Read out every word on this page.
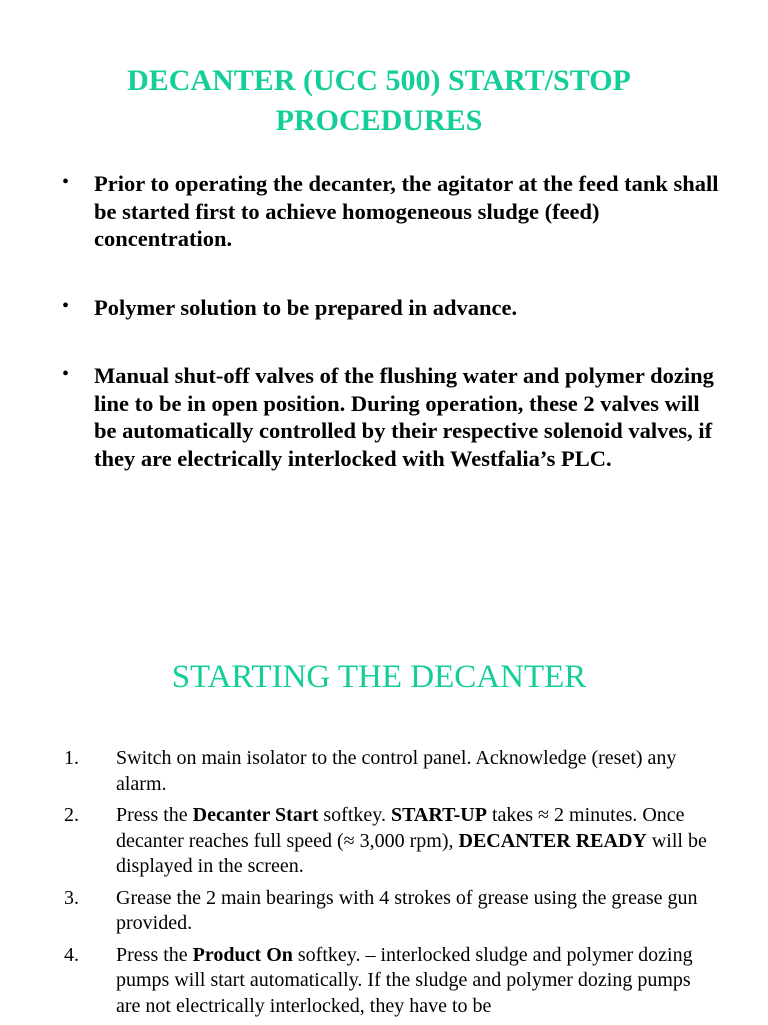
DECANTER (UCC 500) START/STOP PROCEDURES
• Prior to operating the decanter, the agitator at the feed tank shall be started first to achieve homogeneous sludge (feed) concentration.
• Polymer solution to be prepared in advance.
• Manual shut-off valves of the flushing water and polymer dozing line to be in open position. During operation, these 2 valves will be automatically controlled by their respective solenoid valves, if they are electrically interlocked with Westfalia’s PLC.
STARTING THE DECANTER
1. Switch on main isolator to the control panel. Acknowledge (reset) any alarm.
2. Press the Decanter Start softkey. START-UP takes ≈ 2 minutes. Once decanter reaches full speed (≈ 3,000 rpm), DECANTER READY will be displayed in the screen.
3. Grease the 2 main bearings with 4 strokes of grease using the grease gun provided.
4. Press the Product On softkey. – interlocked sludge and polymer dozing pumps will start automatically. If the sludge and polymer dozing pumps are not electrically interlocked, they have to be
